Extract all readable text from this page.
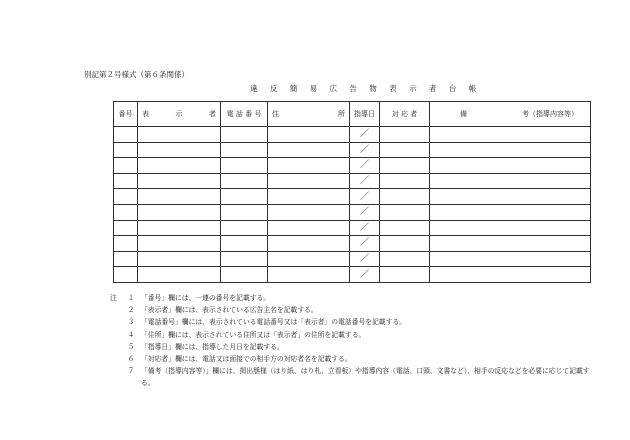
別記第２号様式（第６条関係）
違 反 簡 易 広 告 物 表 示 者 台 帳
番号	表 示 者	電 話 番 号	住 所	指導日	対 応 者	備 考（指導内容等）

				／		
				／		
				／		
				／		
				／		
				／		
				／		
				／		
				／		
				／		
注	１ 「番号」欄には、一連の番号を記載する。
２ 「表示者」欄には、表示されている広告主名を記載する。
３ 「電話番号」欄には、表示されている電話番号又は「表示者」の電話番号を記載する。
４ 「住所」欄には、表示されている住所又は「表示者」の住所を記載する。
５ 「指導日」欄には、指導した月日を記載する。
６ 「対応者」欄には、電話又は面接での相手方の対応者名を記載する。
７ 「備考（指導内容等）」欄には、掲出態様（はり紙、はり札、立看板）や指導内容（電話、口頭、文書など）、相手の反応などを必要に応じて記載する。
